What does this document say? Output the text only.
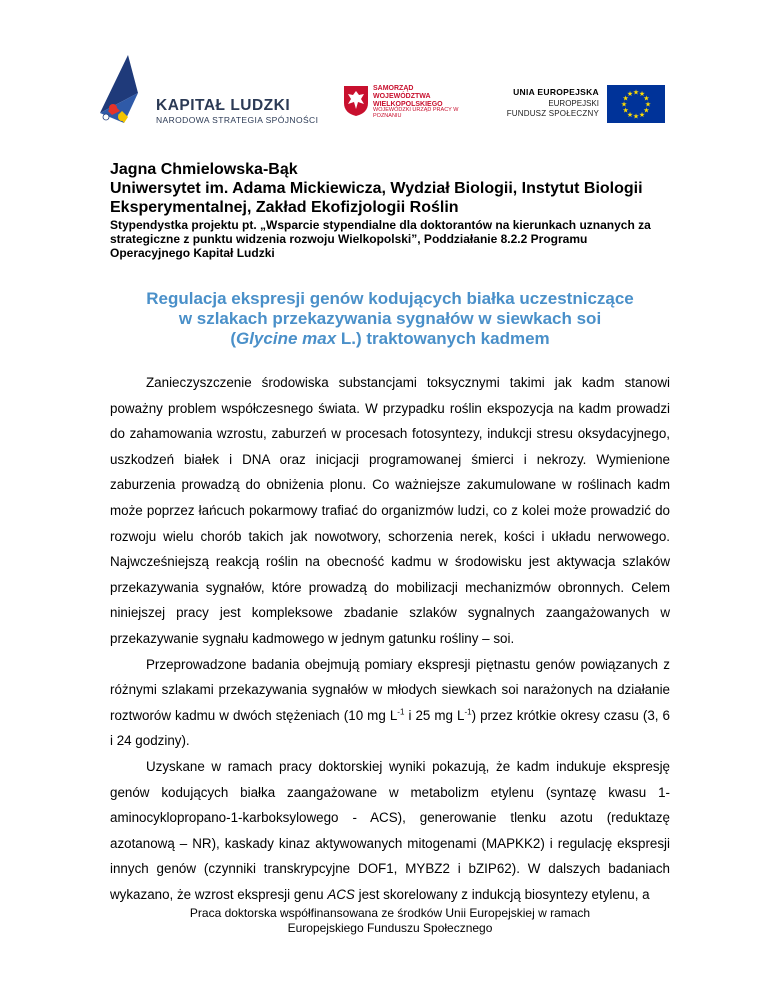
KAPITAŁ LUDZKI
NARODOWA STRATEGIA SPÓJNOŚCI
SAMORZĄD WOJEWÓDZTWA WIELKOPOLSKIEGO
WOJEWÓDZKI URZĄD PRACY W POZNANIU
UNIA EUROPEJSKA
EUROPEJSKI
FUNDUSZ SPOŁECZNY
★ ★
★
★
★
★
★
★
★
★
★
★
Jagna Chmielowska-Bąk
Uniwersytet im. Adama Mickiewicza, Wydział Biologii, Instytut Biologii Eksperymentalnej, Zakład Ekofizjologii Roślin
Stypendystka projektu pt. „Wsparcie stypendialne dla doktorantów na kierunkach uznanych za strategiczne z punktu widzenia rozwoju Wielkopolski”, Poddziałanie 8.2.2 Programu Operacyjnego Kapitał Ludzki
Regulacja ekspresji genów kodujących białka uczestniczące
w szlakach przekazywania sygnałów w siewkach soi
(Glycine max L.) traktowanych kadmem

Zanieczyszczenie środowiska substancjami toksycznymi takimi jak kadm stanowi poważny problem współczesnego świata. W przypadku roślin ekspozycja na kadm prowadzi do zahamowania wzrostu, zaburzeń w procesach fotosyntezy, indukcji stresu oksydacyjnego, uszkodzeń białek i DNA oraz inicjacji programowanej śmierci i nekrozy. Wymienione zaburzenia prowadzą do obniżenia plonu. Co ważniejsze zakumulowane w roślinach kadm może poprzez łańcuch pokarmowy trafiać do organizmów ludzi, co z kolei może prowadzić do rozwoju wielu chorób takich jak nowotwory, schorzenia nerek, kości i układu nerwowego. Najwcześniejszą reakcją roślin na obecność kadmu w środowisku jest aktywacja szlaków przekazywania sygnałów, które prowadzą do mobilizacji mechanizmów obronnych. Celem niniejszej pracy jest kompleksowe zbadanie szlaków sygnalnych zaangażowanych w przekazywanie sygnału kadmowego w jednym gatunku rośliny – soi.

Przeprowadzone badania obejmują pomiary ekspresji piętnastu genów powiązanych z różnymi szlakami przekazywania sygnałów w młodych siewkach soi narażonych na działanie roztworów kadmu w dwóch stężeniach (10 mg $L^{-1}$ i 25 mg $L^{-1}$) przez krótkie okresy czasu (3, 6 i 24 godziny).

Uzyskane w ramach pracy doktorskiej wyniki pokazują, że kadm indukuje ekspresję genów kodujących białka zaangażowane w metabolizm etylenu (syntazę kwasu 1-aminocyklopropano-1-karboksylowego - ACS), generowanie tlenku azotu (reduktazę azotanową – NR), kaskady kinaz aktywowanych mitogenami (MAPKK2) i regulację ekspresji innych genów (czynniki transkrypcyjne DOF1, MYBZ2 i bZIP62). W dalszych badaniach wykazano, że wzrost ekspresji genu ACS jest skorelowany z indukcją biosyntezy etylenu, a

Praca doktorska współfinansowana ze środków Unii Europejskiej w ramach
Europejskiego Funduszu Społecznego
